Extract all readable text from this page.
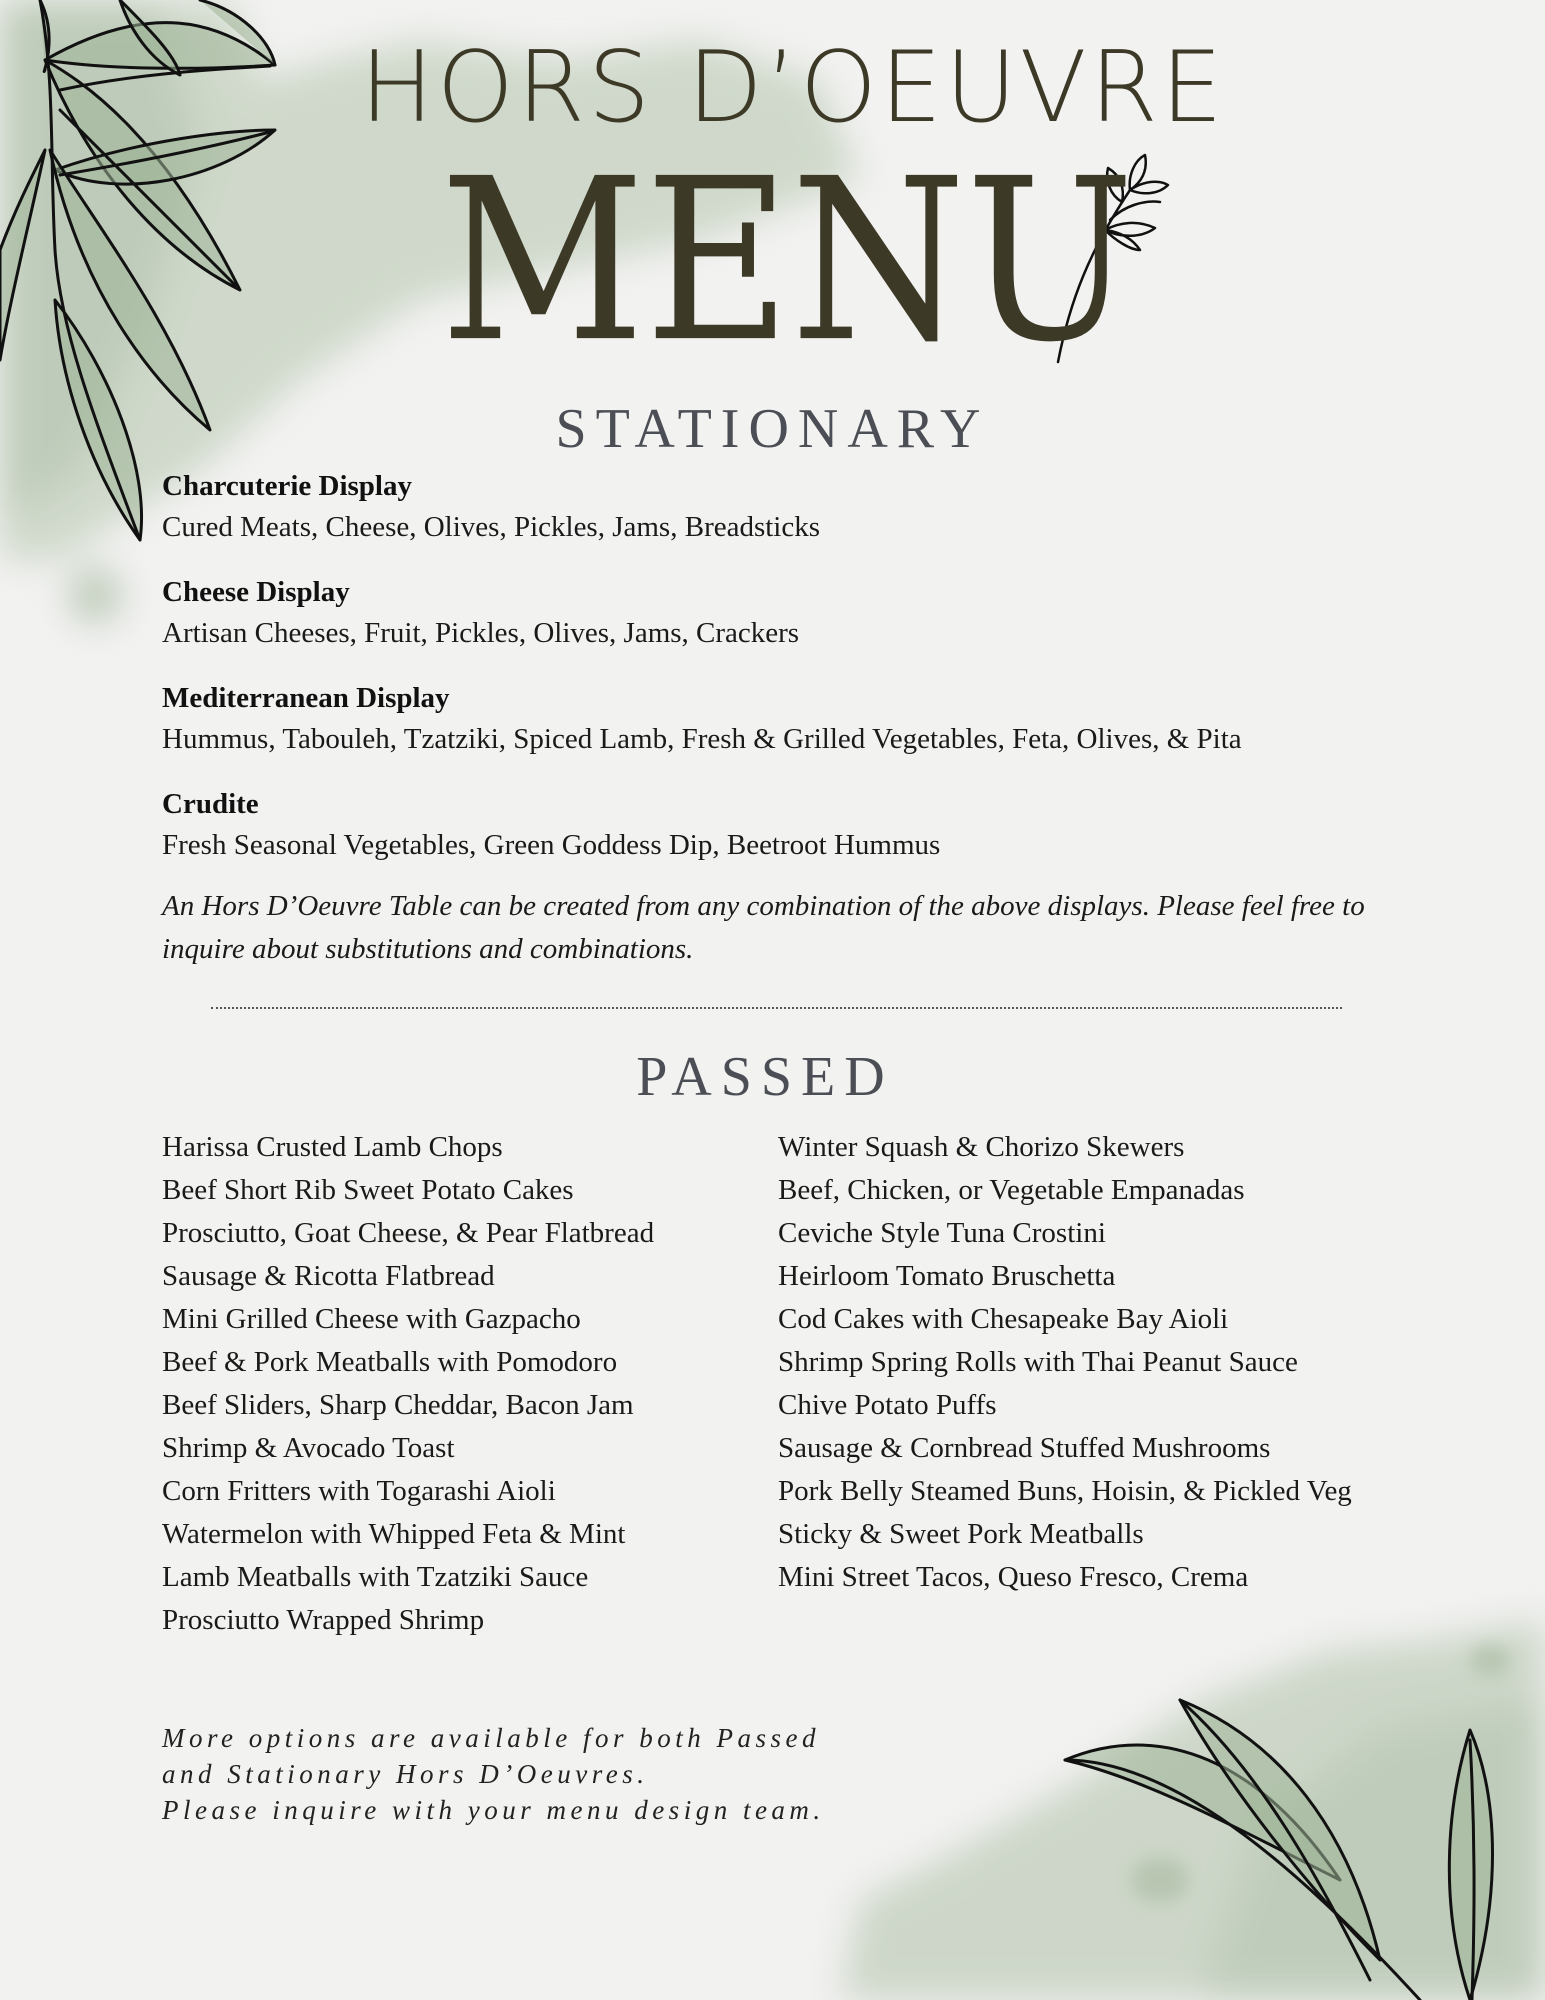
HORS D’OEUVRE
MENU
STATIONARY
Charcuterie Display
Cured Meats, Cheese, Olives, Pickles, Jams, Breadsticks
Cheese Display
Artisan Cheeses, Fruit, Pickles, Olives, Jams, Crackers
Mediterranean Display
Hummus, Tabouleh, Tzatziki, Spiced Lamb, Fresh & Grilled Vegetables, Feta, Olives, & Pita
Crudite
Fresh Seasonal Vegetables, Green Goddess Dip, Beetroot Hummus
An Hors D’Oeuvre Table can be created from any combination of the above displays. Please feel free to inquire about substitutions and combinations.
PASSED
Harissa Crusted Lamb Chops
Beef Short Rib Sweet Potato Cakes
Prosciutto, Goat Cheese, & Pear Flatbread
Sausage & Ricotta Flatbread
Mini Grilled Cheese with Gazpacho
Beef & Pork Meatballs with Pomodoro
Beef Sliders, Sharp Cheddar, Bacon Jam
Shrimp & Avocado Toast
Corn Fritters with Togarashi Aioli
Watermelon with Whipped Feta & Mint
Lamb Meatballs with Tzatziki Sauce
Prosciutto Wrapped Shrimp
Winter Squash & Chorizo Skewers
Beef, Chicken, or Vegetable Empanadas
Ceviche Style Tuna Crostini
Heirloom Tomato Bruschetta
Cod Cakes with Chesapeake Bay Aioli
Shrimp Spring Rolls with Thai Peanut Sauce
Chive Potato Puffs
Sausage & Cornbread Stuffed Mushrooms
Pork Belly Steamed Buns, Hoisin, & Pickled Veg
Sticky & Sweet Pork Meatballs
Mini Street Tacos, Queso Fresco, Crema
More options are available for both Passed
and Stationary Hors D’Oeuvres.
Please inquire with your menu design team.
